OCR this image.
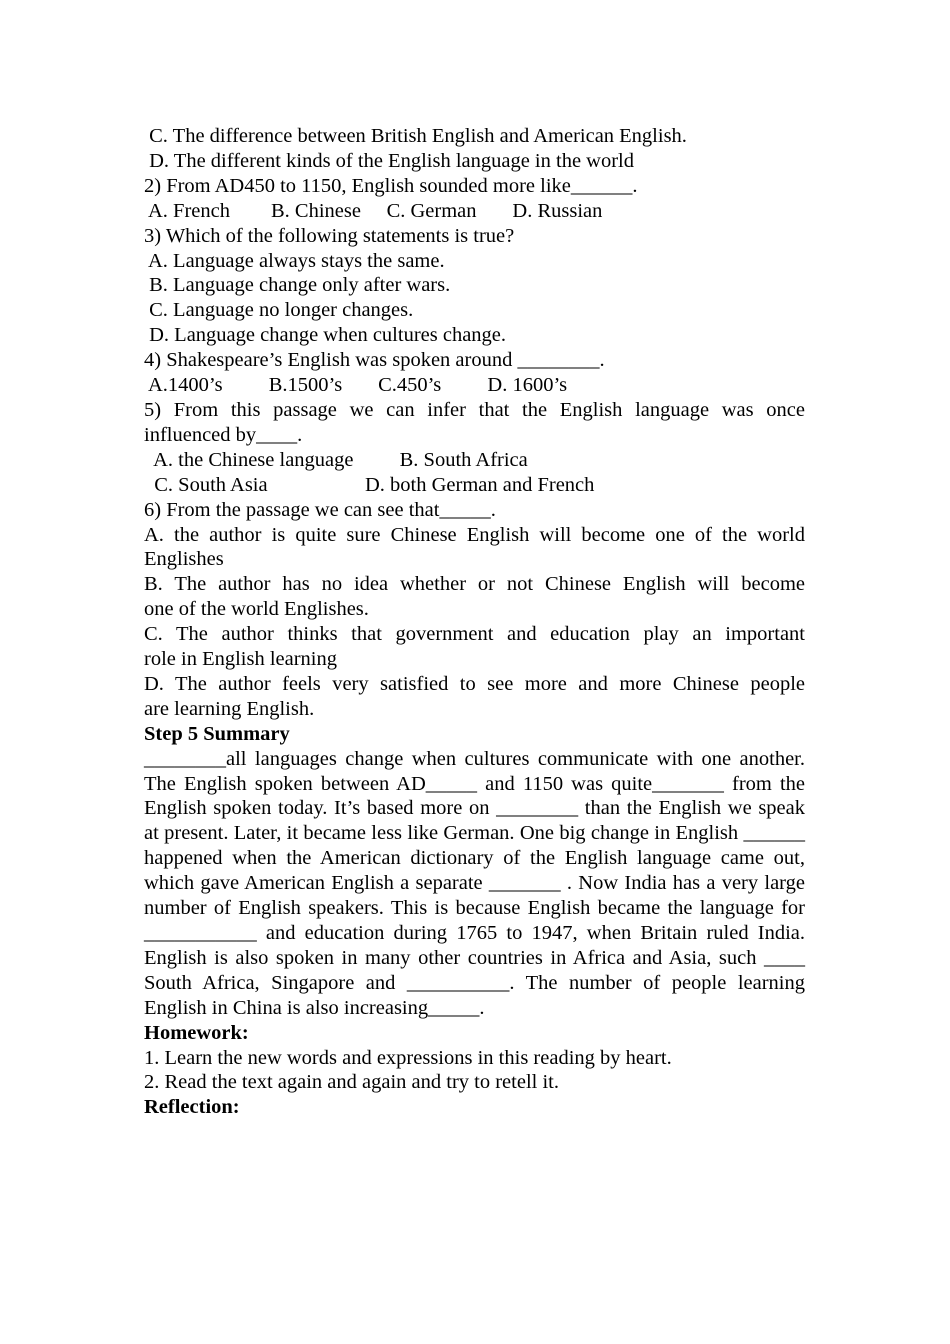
C. The difference between British English and American English.
D. The different kinds of the English language in the world
2) From AD450 to 1150, English sounded more like______.
A. French        B. Chinese     C. German       D. Russian
3) Which of the following statements is true?
A. Language always stays the same.
B. Language change only after wars.
C. Language no longer changes.
D. Language change when cultures change.
4) Shakespeare’s English was spoken around ________.
A.1400’s         B.1500’s       C.450’s         D. 1600’s
5) From this passage we can infer that the English language was once
influenced by____.
A. the Chinese language         B. South Africa
C. South Asia                   D. both German and French
6) From the passage we can see that_____.
A. the author is quite sure Chinese English will become one of the world
Englishes
B. The author has no idea whether or not Chinese English will become
one of the world Englishes.
C. The author thinks that government and education play an important
role in English learning
D. The author feels very satisfied to see more and more Chinese people
are learning English.
Step 5 Summary
________all languages change when cultures communicate with one another. The English spoken between AD_____ and 1150 was quite_______ from the English spoken today. It’s based more on ________ than the English we speak at present. Later, it became less like German. One big change in English ______ happened when the American dictionary of the English language came out, which gave American English a separate _______ . Now India has a very large number of English speakers. This is because English became the language for ___________ and education during 1765 to 1947, when Britain ruled India. English is also spoken in many other countries in Africa and Asia, such ____ South Africa, Singapore and __________. The number of people learning English in China is also increasing_____.
Homework:
1. Learn the new words and expressions in this reading by heart.
2. Read the text again and again and try to retell it.
Reflection:
